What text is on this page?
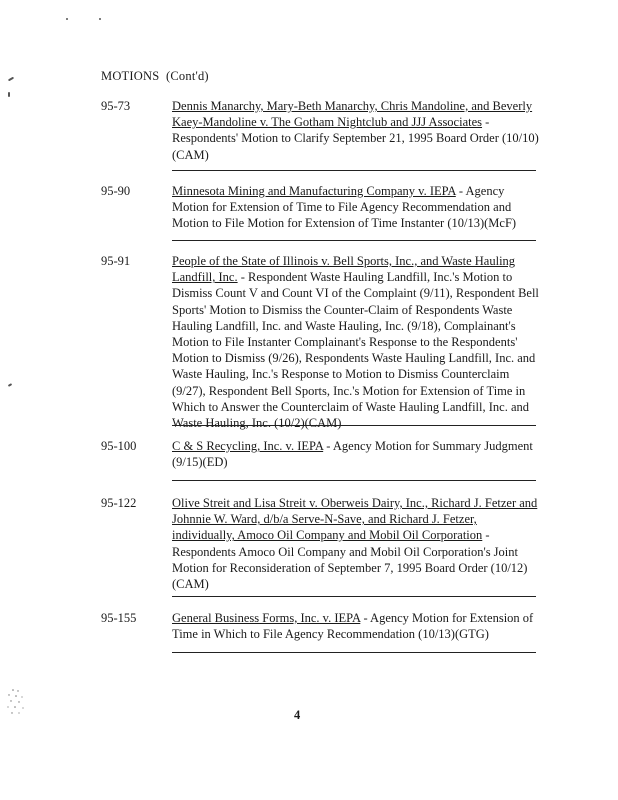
MOTIONS (Cont'd)
95-73	Dennis Manarchy, Mary-Beth Manarchy, Chris Mandoline, and Beverly Kaey-Mandoline v. The Gotham Nightclub and JJJ Associates - Respondents' Motion to Clarify September 21, 1995 Board Order (10/10)(CAM)
95-90	Minnesota Mining and Manufacturing Company v. IEPA - Agency Motion for Extension of Time to File Agency Recommendation and Motion to File Motion for Extension of Time Instanter (10/13)(McF)
95-91	People of the State of Illinois v. Bell Sports, Inc., and Waste Hauling Landfill, Inc. - Respondent Waste Hauling Landfill, Inc.'s Motion to Dismiss Count V and Count VI of the Complaint (9/11), Respondent Bell Sports' Motion to Dismiss the Counter-Claim of Respondents Waste Hauling Landfill, Inc. and Waste Hauling, Inc. (9/18), Complainant's Motion to File Instanter Complainant's Response to the Respondents' Motion to Dismiss (9/26), Respondents Waste Hauling Landfill, Inc. and Waste Hauling, Inc.'s Response to Motion to Dismiss Counterclaim (9/27), Respondent Bell Sports, Inc.'s Motion for Extension of Time in Which to Answer the Counterclaim of Waste Hauling Landfill, Inc. and Waste Hauling, Inc. (10/2)(CAM)
95-100	C & S Recycling, Inc. v. IEPA - Agency Motion for Summary Judgment (9/15)(ED)
95-122	Olive Streit and Lisa Streit v. Oberweis Dairy, Inc., Richard J. Fetzer and Johnnie W. Ward, d/b/a Serve-N-Save, and Richard J. Fetzer, individually, Amoco Oil Company and Mobil Oil Corporation - Respondents Amoco Oil Company and Mobil Oil Corporation's Joint Motion for Reconsideration of September 7, 1995 Board Order (10/12) (CAM)
95-155	General Business Forms, Inc. v. IEPA - Agency Motion for Extension of Time in Which to File Agency Recommendation (10/13)(GTG)
4
